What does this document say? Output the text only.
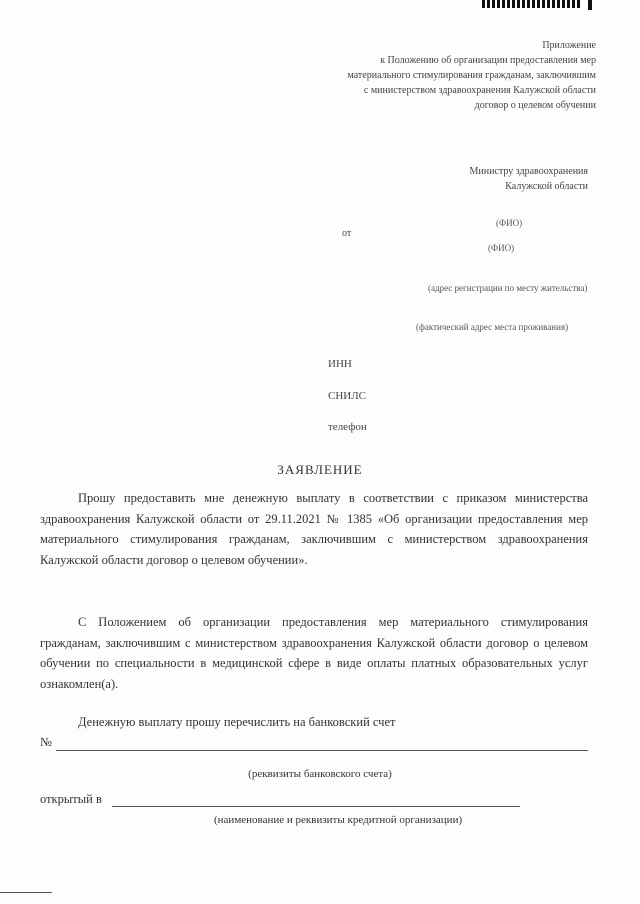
Приложение
к Положению об организации предоставления мер
материального стимулирования гражданам, заключившим
с министерством здравоохранения Калужской области
договор о целевом обучении
Министру здравоохранения
Калужской области
(ФИО)
от
(ФИО)
(адрес регистрации по месту жительства)
(фактический адрес места проживания)
ИНН
СНИЛС
телефон
ЗАЯВЛЕНИЕ

Прошу предоставить мне денежную выплату в соответствии с приказом министерства здравоохранения Калужской области от 29.11.2021 № 1385 «Об организации предоставления мер материального стимулирования гражданам, заключившим с министерством здравоохранения Калужской области договор о целевом обучении».

С Положением об организации предоставления мер материального стимулирования гражданам, заключившим с министерством здравоохранения Калужской области договор о целевом обучении по специальности в медицинской сфере в виде оплаты платных образовательных услуг ознакомлен(а).

Денежную выплату прошу перечислить на банковский счет

№
(реквизиты банковского счета)
открытый в
(наименование и реквизиты кредитной организации)
